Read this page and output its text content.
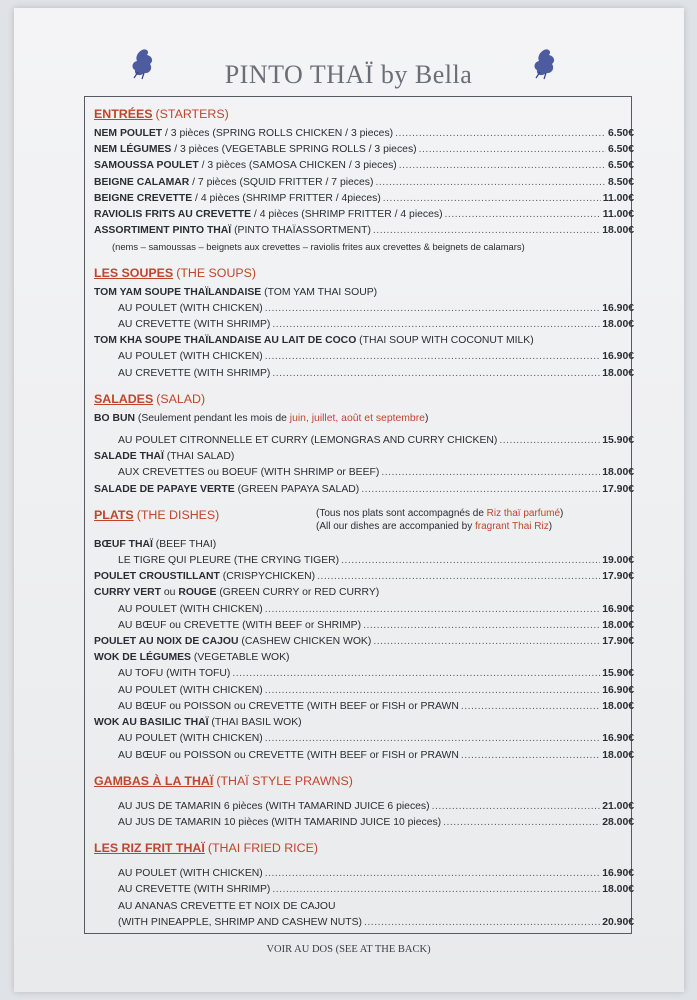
PINTO THAÏ by Bella
ENTRÉES (STARTERS)
NEM POULET / 3 pièces (SPRING ROLLS CHICKEN / 3 pieces) .....	6.50€
NEM LÉGUMES / 3 pièces (VEGETABLE SPRING ROLLS / 3 pieces) .....	6.50€
SAMOUSSA POULET / 3 pièces (SAMOSA CHICKEN / 3 pieces) .....	6.50€
BEIGNE CALAMAR / 7 pièces (SQUID FRITTER / 7 pieces) .....	8.50€
BEIGNE CREVETTE / 4 pièces (SHRIMP FRITTER / 4pieces) .....	11.00€
RAVIOLIS FRITS AU CREVETTE / 4 pièces (SHRIMP FRITTER / 4 pieces) .....	11.00€
ASSORTIMENT PINTO THAÏ (PINTO THAÏASSORTMENT) .....	18.00€
(nems – samoussas – beignets aux crevettes – raviolis frites aux crevettes & beignets de calamars)
LES SOUPES (THE SOUPS)
TOM YAM SOUPE THAÏLANDAISE (TOM YAM THAI SOUP)
AU POULET (WITH CHICKEN) .....	16.90€
AU CREVETTE (WITH SHRIMP) .....	18.00€
TOM KHA SOUPE THAÏLANDAISE AU LAIT DE COCO (THAI SOUP WITH COCONUT MILK)
AU POULET (WITH CHICKEN) .....	16.90€
AU CREVETTE (WITH SHRIMP) .....	18.00€
SALADES (SALAD)
BO BUN (Seulement pendant les mois de juin, juillet, août et septembre)
AU POULET CITRONNELLE ET CURRY (LEMONGRAS AND CURRY CHICKEN) .....	15.90€
SALADE THAÏ (THAI SALAD)
AUX CREVETTES ou BOEUF (WITH SHRIMP or BEEF) .....	18.00€
SALADE DE PAPAYE VERTE (GREEN PAPAYA SALAD) .....	17.90€
PLATS (THE DISHES)	(Tous nos plats sont accompagnés de Riz thaï parfumé)
(All our dishes are accompanied by fragrant Thai Riz)
BŒUF THAÏ (BEEF THAI)
LE TIGRE QUI PLEURE (THE CRYING TIGER) .....	19.00€
POULET CROUSTILLANT (CRISPYCHICKEN) .....	17.90€
CURRY VERT ou ROUGE (GREEN CURRY or RED CURRY)
AU POULET (WITH CHICKEN) .....	16.90€
AU BŒUF ou CREVETTE (WITH BEEF or SHRIMP) .....	18.00€
POULET AU NOIX DE CAJOU (CASHEW CHICKEN WOK) .....	17.90€
WOK DE LÉGUMES (VEGETABLE WOK)
AU TOFU (WITH TOFU) .....	15.90€
AU POULET (WITH CHICKEN) .....	16.90€
AU BŒUF ou POISSON ou CREVETTE (WITH BEEF or FISH or PRAWN .....	18.00€
WOK AU BASILIC THAÏ (THAI BASIL WOK)
AU POULET (WITH CHICKEN) .....	16.90€
AU BŒUF ou POISSON ou CREVETTE (WITH BEEF or FISH or PRAWN .....	18.00€
GAMBAS À LA THAÏ (THAÏ STYLE PRAWNS)
AU JUS DE TAMARIN 6 pièces (WITH TAMARIND JUICE 6 pieces) .....	21.00€
AU JUS DE TAMARIN 10 pièces (WITH TAMARIND JUICE 10 pieces) .....	28.00€
LES RIZ FRIT THAÏ (THAI FRIED RICE)
AU POULET (WITH CHICKEN) .....	16.90€
AU CREVETTE (WITH SHRIMP) .....	18.00€
AU ANANAS CREVETTE ET NOIX DE CAJOU
(WITH PINEAPPLE, SHRIMP AND CASHEW NUTS) .....	20.90€
VOIR AU DOS (SEE AT THE BACK)
